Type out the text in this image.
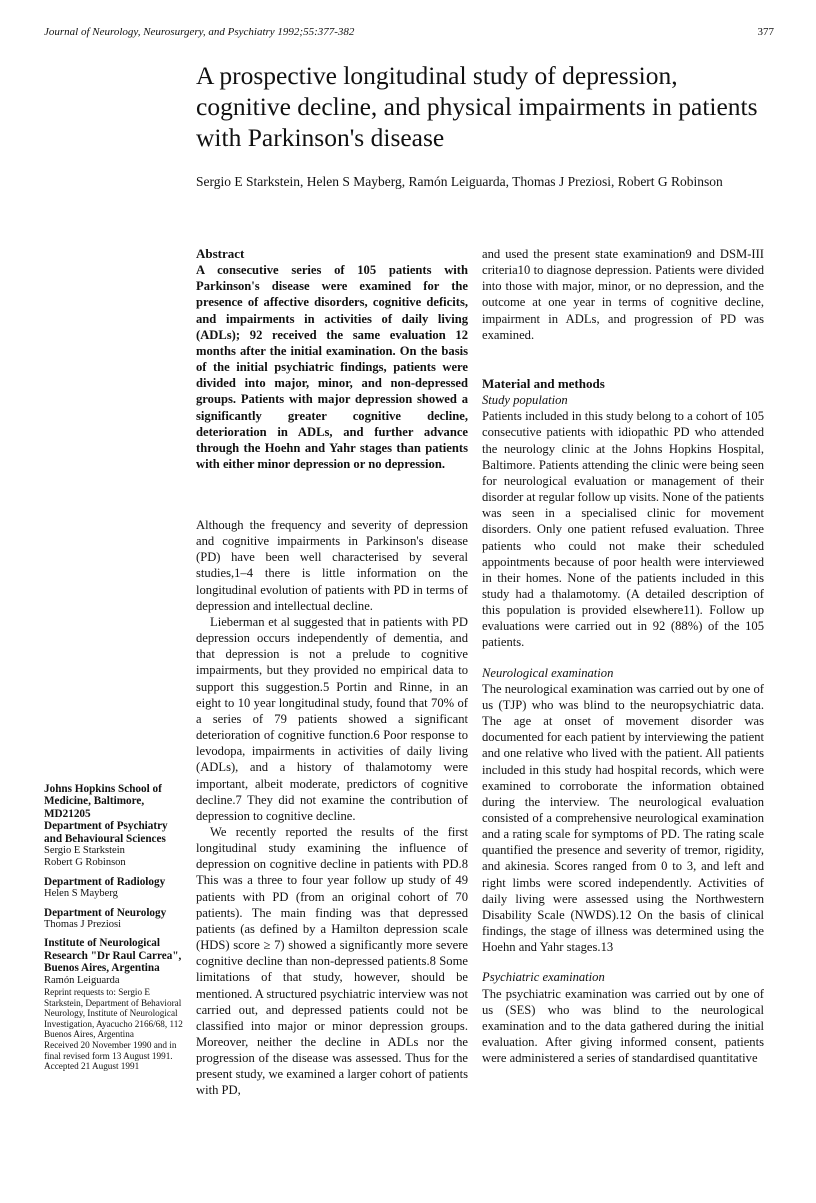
Journal of Neurology, Neurosurgery, and Psychiatry 1992;55:377-382	377
A prospective longitudinal study of depression, cognitive decline, and physical impairments in patients with Parkinson's disease
Sergio E Starkstein, Helen S Mayberg, Ramón Leiguarda, Thomas J Preziosi, Robert G Robinson

Abstract

A consecutive series of 105 patients with Parkinson's disease were examined for the presence of affective disorders, cognitive deficits, and impairments in activities of daily living (ADLs); 92 received the same evaluation 12 months after the initial examination. On the basis of the initial psychiatric findings, patients were divided into major, minor, and non-depressed groups. Patients with major depression showed a significantly greater cognitive decline, deterioration in ADLs, and further advance through the Hoehn and Yahr stages than patients with either minor depression or no depression.

Although the frequency and severity of depression and cognitive impairments in Parkinson's disease (PD) have been well characterised by several studies,1–4 there is little information on the longitudinal evolution of patients with PD in terms of depression and intellectual decline.

Lieberman et al suggested that in patients with PD depression occurs independently of dementia, and that depression is not a prelude to cognitive impairments, but they provided no empirical data to support this suggestion.5 Portin and Rinne, in an eight to 10 year longitudinal study, found that 70% of a series of 79 patients showed a significant deterioration of cognitive function.6 Poor response to levodopa, impairments in activities of daily living (ADLs), and a history of thalamotomy were important, albeit moderate, predictors of cognitive decline.7 They did not examine the contribution of depression to cognitive decline.

We recently reported the results of the first longitudinal study examining the influence of depression on cognitive decline in patients with PD.8 This was a three to four year follow up study of 49 patients with PD (from an original cohort of 70 patients). The main finding was that depressed patients (as defined by a Hamilton depression scale (HDS) score ≥ 7) showed a significantly more severe cognitive decline than non-depressed patients.8 Some limitations of that study, however, should be mentioned. A structured psychiatric interview was not carried out, and depressed patients could not be classified into major or minor depression groups. Moreover, neither the decline in ADLs nor the progression of the disease was assessed. Thus for the present study, we examined a larger cohort of patients with PD,

and used the present state examination9 and DSM-III criteria10 to diagnose depression. Patients were divided into those with major, minor, or no depression, and the outcome at one year in terms of cognitive decline, impairment in ADLs, and progression of PD was examined.

Material and methods

Study population

Patients included in this study belong to a cohort of 105 consecutive patients with idiopathic PD who attended the neurology clinic at the Johns Hopkins Hospital, Baltimore. Patients attending the clinic were being seen for neurological evaluation or management of their disorder at regular follow up visits. None of the patients was seen in a specialised clinic for movement disorders. Only one patient refused evaluation. Three patients who could not make their scheduled appointments because of poor health were interviewed in their homes. None of the patients included in this study had a thalamotomy. (A detailed description of this population is provided elsewhere11). Follow up evaluations were carried out in 92 (88%) of the 105 patients.

Neurological examination

The neurological examination was carried out by one of us (TJP) who was blind to the neuropsychiatric data. The age at onset of movement disorder was documented for each patient by interviewing the patient and one relative who lived with the patient. All patients included in this study had hospital records, which were examined to corroborate the information obtained during the interview. The neurological evaluation consisted of a comprehensive neurological examination and a rating scale for symptoms of PD. The rating scale quantified the presence and severity of tremor, rigidity, and akinesia. Scores ranged from 0 to 3, and left and right limbs were scored independently. Activities of daily living were assessed using the Northwestern Disability Scale (NWDS).12 On the basis of clinical findings, the stage of illness was determined using the Hoehn and Yahr stages.13

Psychiatric examination

The psychiatric examination was carried out by one of us (SES) who was blind to the neurological examination and to the data gathered during the initial evaluation. After giving informed consent, patients were administered a series of standardised quantitative

Johns Hopkins School of Medicine, Baltimore, MD21205
Department of Psychiatry and Behavioural Sciences
Sergio E Starkstein
Robert G Robinson
Department of Radiology
Helen S Mayberg
Department of Neurology
Thomas J Preziosi
Institute of Neurological Research "Dr Raul Carrea", Buenos Aires, Argentina
Ramón Leiguarda
Reprint requests to: Sergio E Starkstein, Department of Behavioral Neurology, Institute of Neurological Investigation, Ayacucho 2166/68, 112 Buenos Aires, Argentina
Received 20 November 1990 and in final revised form 13 August 1991.
Accepted 21 August 1991
